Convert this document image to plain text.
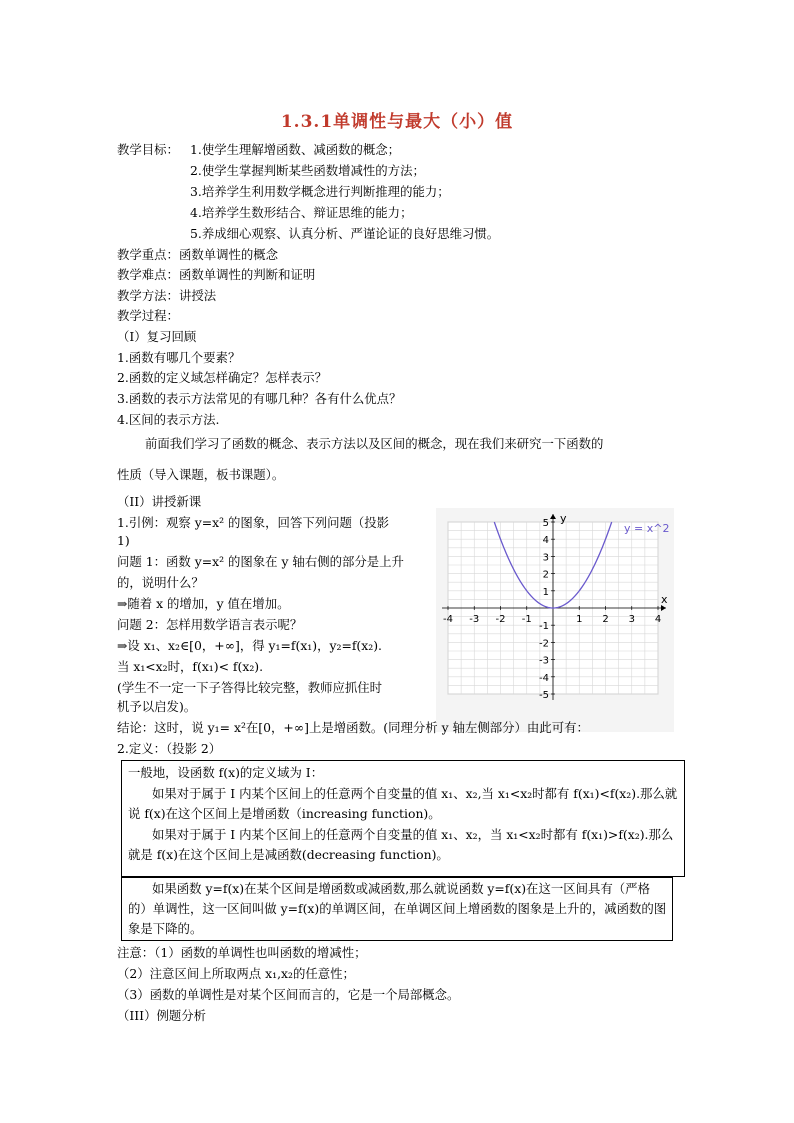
1.3.1单调性与最大（小）值
教学目标： 1.使学生理解增函数、减函数的概念；
2.使学生掌握判断某些函数增减性的方法；
3.培养学生利用数学概念进行判断推理的能力；
4.培养学生数形结合、辩证思维的能力；
5.养成细心观察、认真分析、严谨论证的良好思维习惯。
教学重点：函数单调性的概念
教学难点：函数单调性的判断和证明
教学方法：讲授法
教学过程：
（I）复习回顾
1.函数有哪几个要素？
2.函数的定义域怎样确定？怎样表示？
3.函数的表示方法常见的有哪几种？各有什么优点？
4.区间的表示方法.
前面我们学习了函数的概念、表示方法以及区间的概念，现在我们来研究一下函数的
性质（导入课题，板书课题）。
（II）讲授新课
1.引例：观察 y=x² 的图象，回答下列问题（投影
1)
问题 1：函数 y=x² 的图象在 y 轴右侧的部分是上升
的，说明什么？
⇒随着 x 的增加，y 值在增加。
问题 2：怎样用数学语言表示呢？
⇒设 x₁、x₂∈[0，+∞]，得 y₁=f(x₁)，y₂=f(x₂).
当 x₁<x₂时，f(x₁)< f(x₂).
(学生不一定一下子答得比较完整，教师应抓住时
机予以启发)。
-4 -3 -2 -1	1 2 3 4
5
4
3
2
1
-1
-2
-3
-4
-5
y = x^2
y
x
结论：这时，说 y₁= x²在[0，+∞]上是增函数。(同理分析 y 轴左侧部分）由此可有：
2.定义：（投影 2）
一般地，设函数 f(x)的定义域为 I：
如果对于属于 I 内某个区间上的任意两个自变量的值 x₁、x₂,当 x₁<x₂时都有 f(x₁)<f(x₂).那么就说 f(x)在这个区间上是增函数（increasing function)。
如果对于属于 I 内某个区间上的任意两个自变量的值 x₁、x₂，当 x₁<x₂时都有 f(x₁)>f(x₂).那么就是 f(x)在这个区间上是减函数(decreasing function)。
如果函数 y=f(x)在某个区间是增函数或减函数,那么就说函数 y=f(x)在这一区间具有（严格的）单调性，这一区间叫做 y=f(x)的单调区间，在单调区间上增函数的图象是上升的，减函数的图象是下降的。
注意：（1）函数的单调性也叫函数的增减性；
（2）注意区间上所取两点 x₁,x₂的任意性；
（3）函数的单调性是对某个区间而言的，它是一个局部概念。
（III）例题分析
